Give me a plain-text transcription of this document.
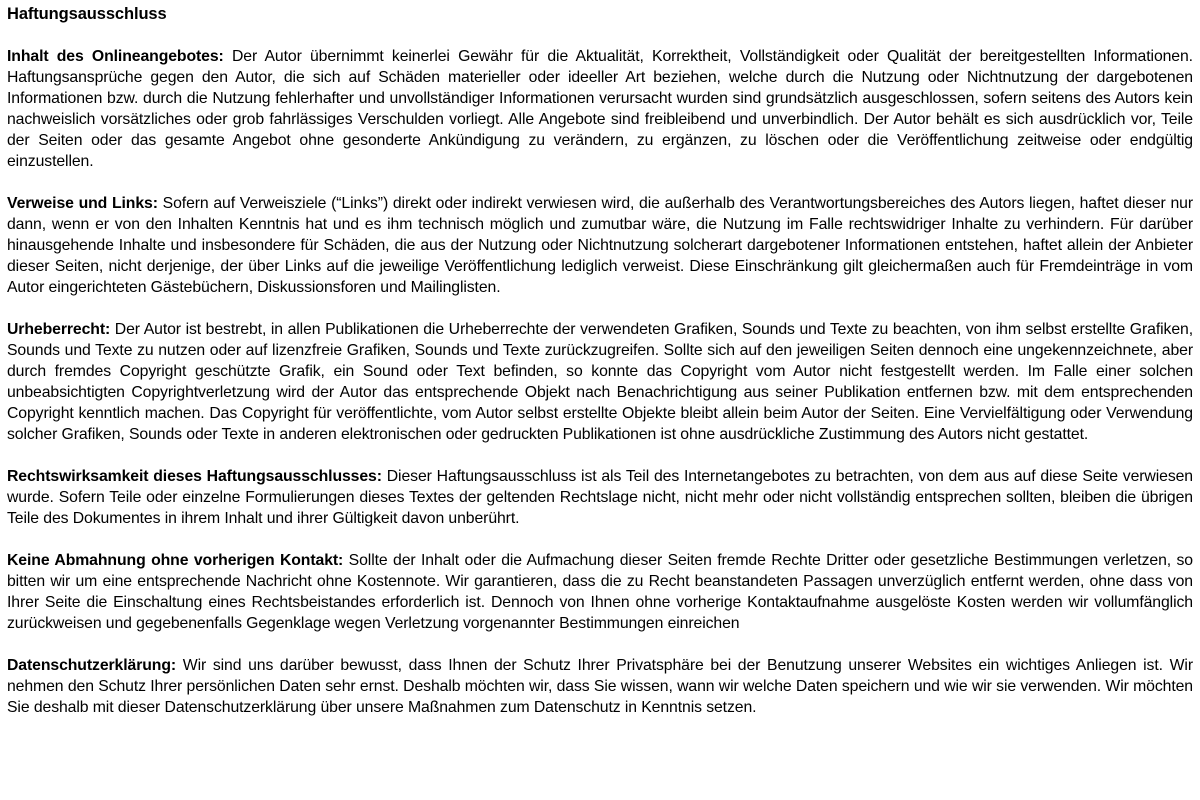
Haftungsausschluss

Inhalt des Onlineangebotes: Der Autor übernimmt keinerlei Gewähr für die Aktualität, Korrektheit, Vollständigkeit oder Qualität der bereitgestellten Informationen. Haftungsansprüche gegen den Autor, die sich auf Schäden materieller oder ideeller Art beziehen, welche durch die Nutzung oder Nichtnutzung der dargebotenen Informationen bzw. durch die Nutzung fehlerhafter und unvollständiger Informationen verursacht wurden sind grundsätzlich ausgeschlossen, sofern seitens des Autors kein nachweislich vorsätzliches oder grob fahrlässiges Verschulden vorliegt. Alle Angebote sind freibleibend und unverbindlich. Der Autor behält es sich ausdrücklich vor, Teile der Seiten oder das gesamte Angebot ohne gesonderte Ankündigung zu verändern, zu ergänzen, zu löschen oder die Veröffentlichung zeitweise oder endgültig einzustellen.

Verweise und Links: Sofern auf Verweisziele (“Links”) direkt oder indirekt verwiesen wird, die außerhalb des Verantwortungsbereiches des Autors liegen, haftet dieser nur dann, wenn er von den Inhalten Kenntnis hat und es ihm technisch möglich und zumutbar wäre, die Nutzung im Falle rechtswidriger Inhalte zu verhindern. Für darüber hinausgehende Inhalte und insbesondere für Schäden, die aus der Nutzung oder Nichtnutzung solcherart dargebotener Informationen entstehen, haftet allein der Anbieter dieser Seiten, nicht derjenige, der über Links auf die jeweilige Veröffentlichung lediglich verweist. Diese Einschränkung gilt gleichermaßen auch für Fremdeinträge in vom Autor eingerichteten Gästebüchern, Diskussionsforen und Mailinglisten.

Urheberrecht: Der Autor ist bestrebt, in allen Publikationen die Urheberrechte der verwendeten Grafiken, Sounds und Texte zu beachten, von ihm selbst erstellte Grafiken, Sounds und Texte zu nutzen oder auf lizenzfreie Grafiken, Sounds und Texte zurückzugreifen. Sollte sich auf den jeweiligen Seiten dennoch eine ungekennzeichnete, aber durch fremdes Copyright geschützte Grafik, ein Sound oder Text befinden, so konnte das Copyright vom Autor nicht festgestellt werden. Im Falle einer solchen unbeabsichtigten Copyrightverletzung wird der Autor das entsprechende Objekt nach Benachrichtigung aus seiner Publikation entfernen bzw. mit dem entsprechenden Copyright kenntlich machen. Das Copyright für veröffentlichte, vom Autor selbst erstellte Objekte bleibt allein beim Autor der Seiten. Eine Vervielfältigung oder Verwendung solcher Grafiken, Sounds oder Texte in anderen elektronischen oder gedruckten Publikationen ist ohne ausdrückliche Zustimmung des Autors nicht gestattet.

Rechtswirksamkeit dieses Haftungsausschlusses: Dieser Haftungsausschluss ist als Teil des Internetangebotes zu betrachten, von dem aus auf diese Seite verwiesen wurde. Sofern Teile oder einzelne Formulierungen dieses Textes der geltenden Rechtslage nicht, nicht mehr oder nicht vollständig entsprechen sollten, bleiben die übrigen Teile des Dokumentes in ihrem Inhalt und ihrer Gültigkeit davon unberührt.

Keine Abmahnung ohne vorherigen Kontakt: Sollte der Inhalt oder die Aufmachung dieser Seiten fremde Rechte Dritter oder gesetzliche Bestimmungen verletzen, so bitten wir um eine entsprechende Nachricht ohne Kostennote. Wir garantieren, dass die zu Recht beanstandeten Passagen unverzüglich entfernt werden, ohne dass von Ihrer Seite die Einschaltung eines Rechtsbeistandes erforderlich ist. Dennoch von Ihnen ohne vorherige Kontaktaufnahme ausgelöste Kosten werden wir vollumfänglich zurückweisen und gegebenenfalls Gegenklage wegen Verletzung vorgenannter Bestimmungen einreichen

Datenschutzerklärung: Wir sind uns darüber bewusst, dass Ihnen der Schutz Ihrer Privatsphäre bei der Benutzung unserer Websites ein wichtiges Anliegen ist. Wir nehmen den Schutz Ihrer persönlichen Daten sehr ernst. Deshalb möchten wir, dass Sie wissen, wann wir welche Daten speichern und wie wir sie verwenden. Wir möchten Sie deshalb mit dieser Datenschutzerklärung über unsere Maßnahmen zum Datenschutz in Kenntnis setzen.
